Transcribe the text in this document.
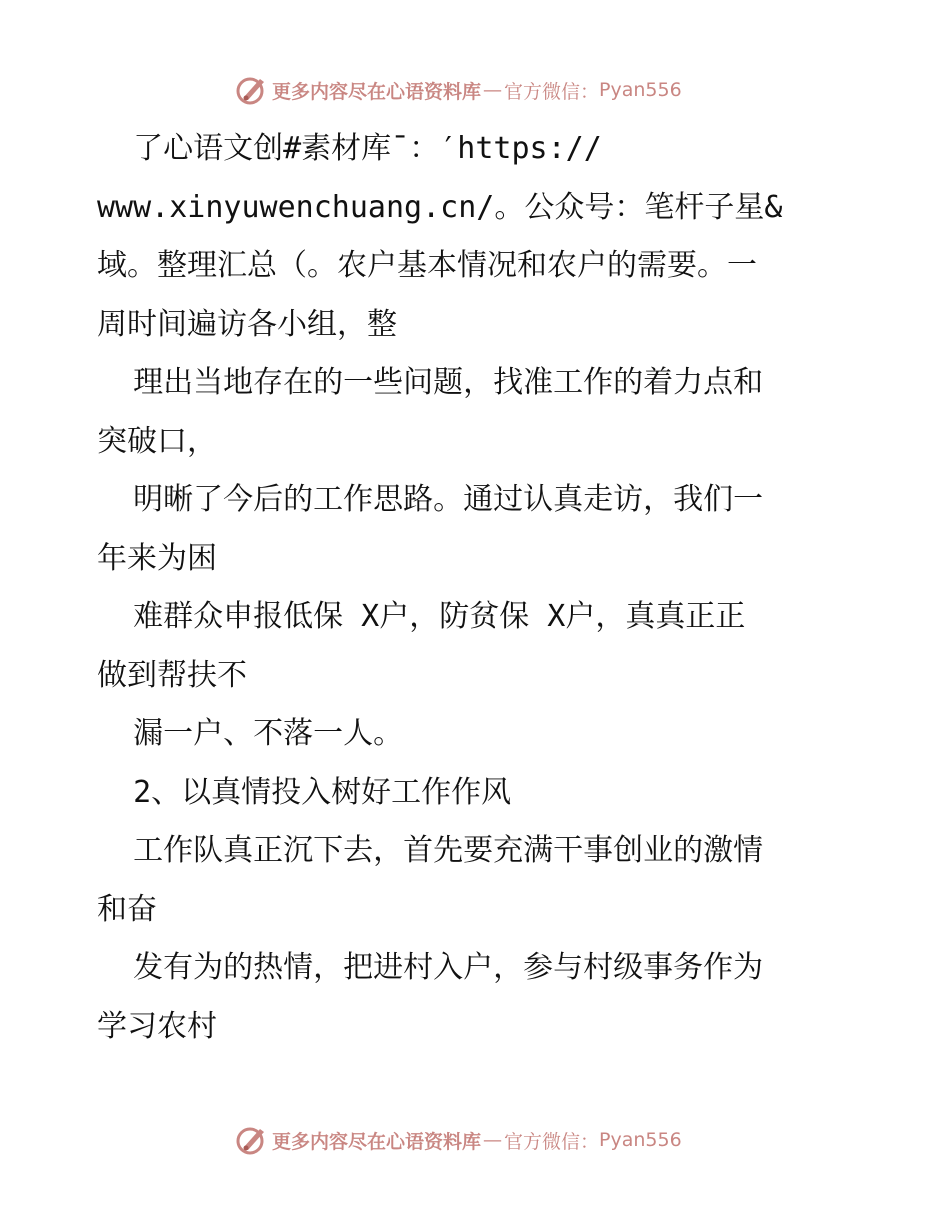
更多内容尽在心语资料库 — 官方微信： Pyan556
了心语文创#素材库¯：′https://
www.xinyuwenchuang.cn/。公众号：笔杆子星&
域。整理汇总（。农户基本情况和农户的需要。一
周时间遍访各小组，整
理出当地存在的一些问题，找准工作的着力点和
突破口，
明晰了今后的工作思路。通过认真走访，我们一
年来为困
难群众申报低保 X户，防贫保 X户，真真正正
做到帮扶不
漏一户、不落一人。
2、以真情投入树好工作作风
工作队真正沉下去，首先要充满干事创业的激情
和奋
发有为的热情，把进村入户，参与村级事务作为
学习农村
更多内容尽在心语资料库 — 官方微信： Pyan556
